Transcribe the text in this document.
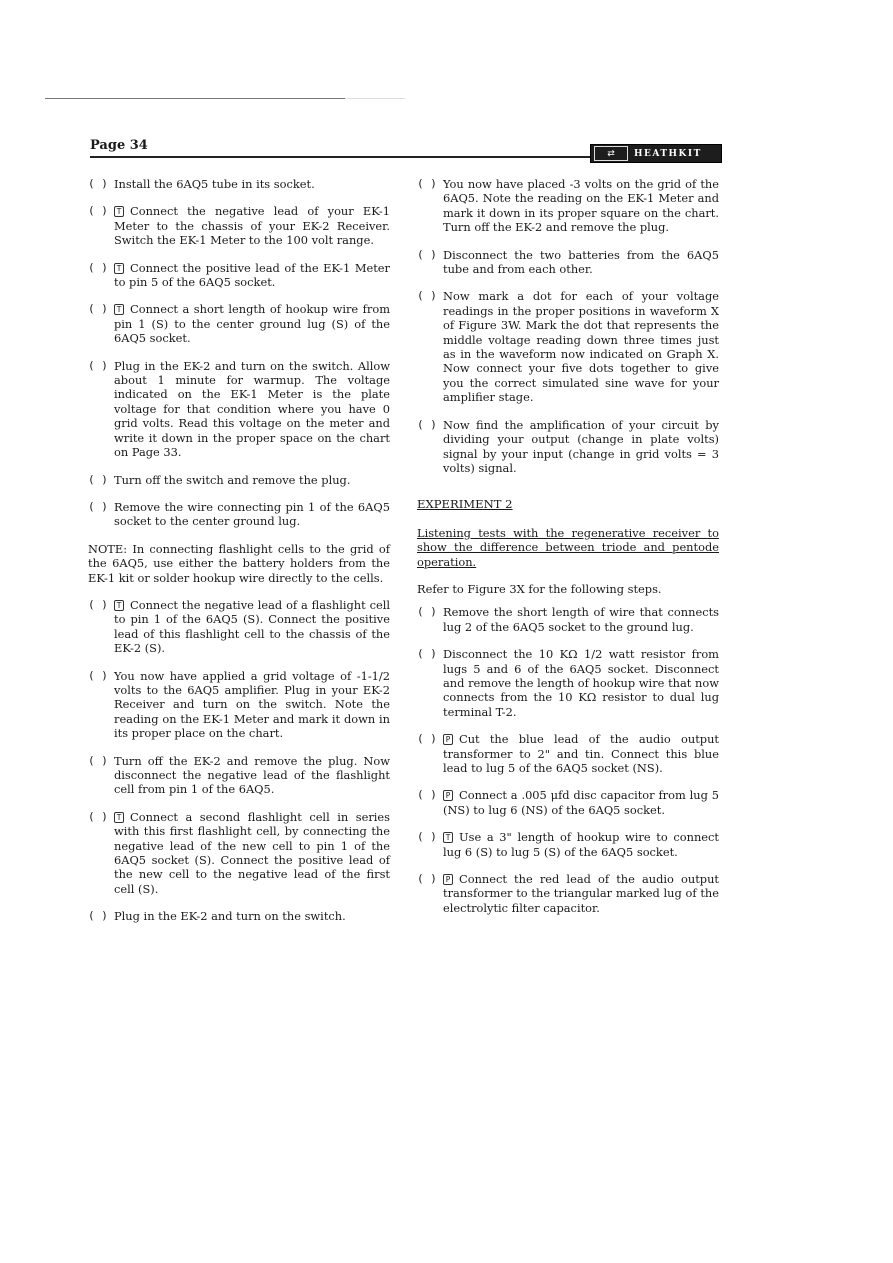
Page 34
⇄	HEATHKIT
( ) Install the 6AQ5 tube in its socket.
( )	T Connect the negative lead of your EK-1 Meter to the chassis of your EK-2 Receiver. Switch the EK-1 Meter to the 100 volt range.
( )	T Connect the positive lead of the EK-1 Meter to pin 5 of the 6AQ5 socket.
( )	T Connect a short length of hookup wire from pin 1 (S) to the center ground lug (S) of the 6AQ5 socket.
( ) Plug in the EK-2 and turn on the switch. Allow about 1 minute for warmup. The voltage indicated on the EK-1 Meter is the plate voltage for that condition where you have 0 grid volts. Read this voltage on the meter and write it down in the proper space on the chart on Page 33.
( ) Turn off the switch and remove the plug.
( ) Remove the wire connecting pin 1 of the 6AQ5 socket to the center ground lug.
NOTE: In connecting flashlight cells to the grid of the 6AQ5, use either the battery holders from the EK-1 kit or solder hookup wire directly to the cells.
( )	T Connect the negative lead of a flashlight cell to pin 1 of the 6AQ5 (S). Connect the positive lead of this flashlight cell to the chassis of the EK-2 (S).
( ) You now have applied a grid voltage of -1-1/2 volts to the 6AQ5 amplifier. Plug in your EK-2 Receiver and turn on the switch. Note the reading on the EK-1 Meter and mark it down in its proper place on the chart.
( ) Turn off the EK-2 and remove the plug. Now disconnect the negative lead of the flashlight cell from pin 1 of the 6AQ5.
( )	T Connect a second flashlight cell in series with this first flashlight cell, by connecting the negative lead of the new cell to pin 1 of the 6AQ5 socket (S). Connect the positive lead of the new cell to the negative lead of the first cell (S).
( ) Plug in the EK-2 and turn on the switch.
( ) You now have placed -3 volts on the grid of the 6AQ5. Note the reading on the EK-1 Meter and mark it down in its proper square on the chart. Turn off the EK-2 and remove the plug.
( ) Disconnect the two batteries from the 6AQ5 tube and from each other.
( ) Now mark a dot for each of your voltage readings in the proper positions in waveform X of Figure 3W. Mark the dot that represents the middle voltage reading down three times just as in the waveform now indicated on Graph X. Now connect your five dots together to give you the correct simulated sine wave for your amplifier stage.
( ) Now find the amplification of your circuit by dividing your output (change in plate volts) signal by your input (change in grid volts = 3 volts) signal.
EXPERIMENT 2
Listening tests with the regenerative receiver to show the difference between triode and pentode operation.
Refer to Figure 3X for the following steps.
( ) Remove the short length of wire that connects lug 2 of the 6AQ5 socket to the ground lug.
( ) Disconnect the 10 KΩ 1/2 watt resistor from lugs 5 and 6 of the 6AQ5 socket. Disconnect and remove the length of hookup wire that now connects from the 10 KΩ resistor to dual lug terminal T-2.
( )	P Cut the blue lead of the audio output transformer to 2" and tin. Connect this blue lead to lug 5 of the 6AQ5 socket (NS).
( )	P Connect a .005 μfd disc capacitor from lug 5 (NS) to lug 6 (NS) of the 6AQ5 socket.
( )	T Use a 3" length of hookup wire to connect lug 6 (S) to lug 5 (S) of the 6AQ5 socket.
( )	P Connect the red lead of the audio output transformer to the triangular marked lug of the electrolytic filter capacitor.
